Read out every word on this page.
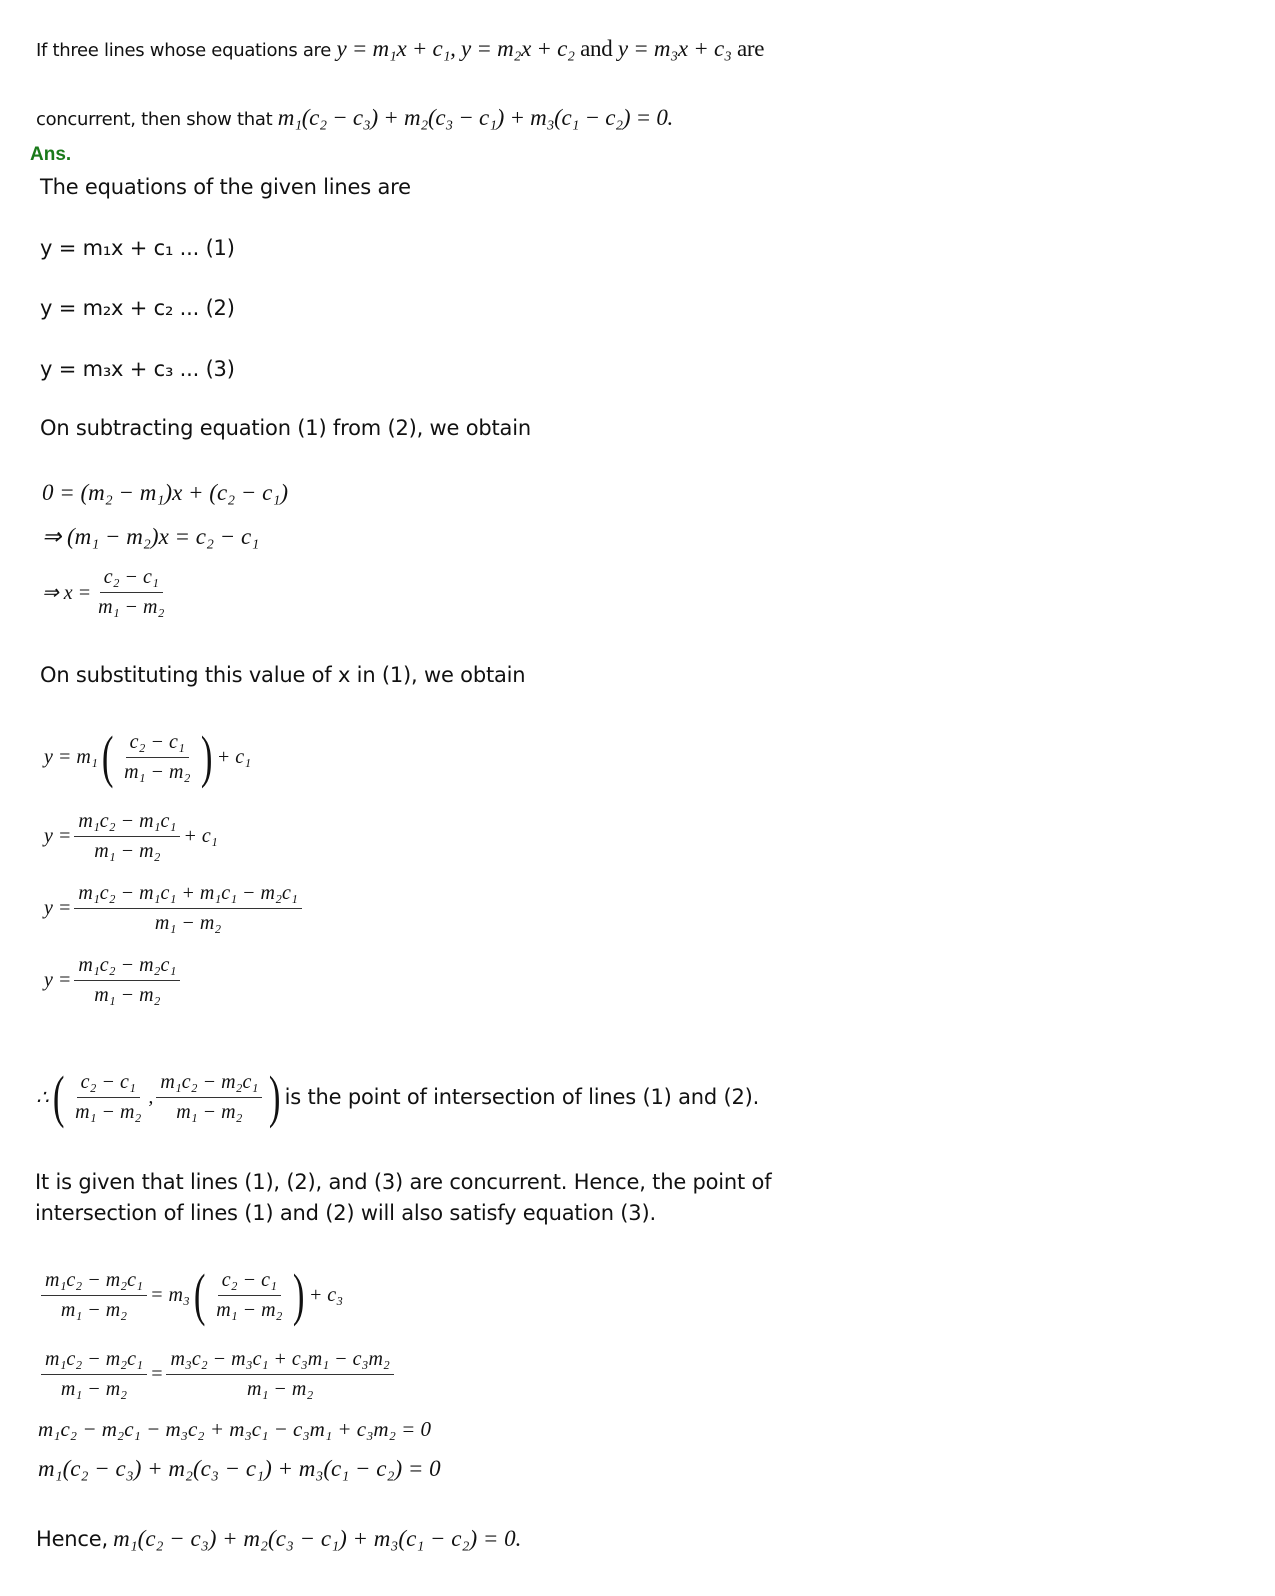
If three lines whose equations are y = m₁x + c₁, y = m₂x + c₂ and y = m₃x + c₃ are
concurrent, then show that m₁(c₂ − c₃) + m₂(c₃ − c₁) + m₃(c₁ − c₂) = 0.
Ans.
The equations of the given lines are
y = m₁x + c₁ ... (1)
y = m₂x + c₂ ... (2)
y = m₃x + c₃ ... (3)
On subtracting equation (1) from (2), we obtain
0 = (m₂ − m₁)x + (c₂ − c₁)
⇒ (m₁ − m₂)x = c₂ − c₁
⇒ $x = \frac{\text{c₂ − c₁}}{\text{m₁ − m₂}}$
On substituting this value of x in (1), we obtain
y = m₁ ( $\frac{\text{c₂ − c₁}}{\text{m₁ − m₂}}$ ) + c₁
$y = \frac{\text{m₁c₂ − m₁c₁}}{\text{m₁ − m₂}} + c_1$
$y = \frac{\text{m₁c₂ − m₁c₁ + m₁c₁ − m₂c₁}}{\text{m₁ − m₂}}$
$y = \frac{\text{m₁c₂ − m₂c₁}}{\text{m₁ − m₂}}$
∴ ( $\frac{\text{c₂ − c₁}}{\text{m₁ − m₂}}$ , $\frac{\text{m₁c₂ − m₂c₁}}{\text{m₁ − m₂}}$ ) is the point of intersection of lines (1) and (2).
It is given that lines (1), (2), and (3) are concurrent. Hence, the point of
intersection of lines (1) and (2) will also satisfy equation (3).
$\frac{\text{m₁c₂ − m₂c₁}}{\text{m₁ − m₂}} = m_3$ ( $\frac{\text{c₂ − c₁}}{\text{m₁ − m₂}}$ ) + c₃
$\frac{\text{m₁c₂ − m₂c₁}}{\text{m₁ − m₂}} = \frac{\text{m₃c₂ − m₃c₁ + c₃m₁ − c₃m₂}}{\text{m₁ − m₂}}$
m₁c₂ − m₂c₁ − m₃c₂ + m₃c₁ − c₃m₁ + c₃m₂ = 0
m₁(c₂ − c₃) + m₂(c₃ − c₁) + m₃(c₁ − c₂) = 0
Hence, m₁(c₂ − c₃) + m₂(c₃ − c₁) + m₃(c₁ − c₂) = 0.
